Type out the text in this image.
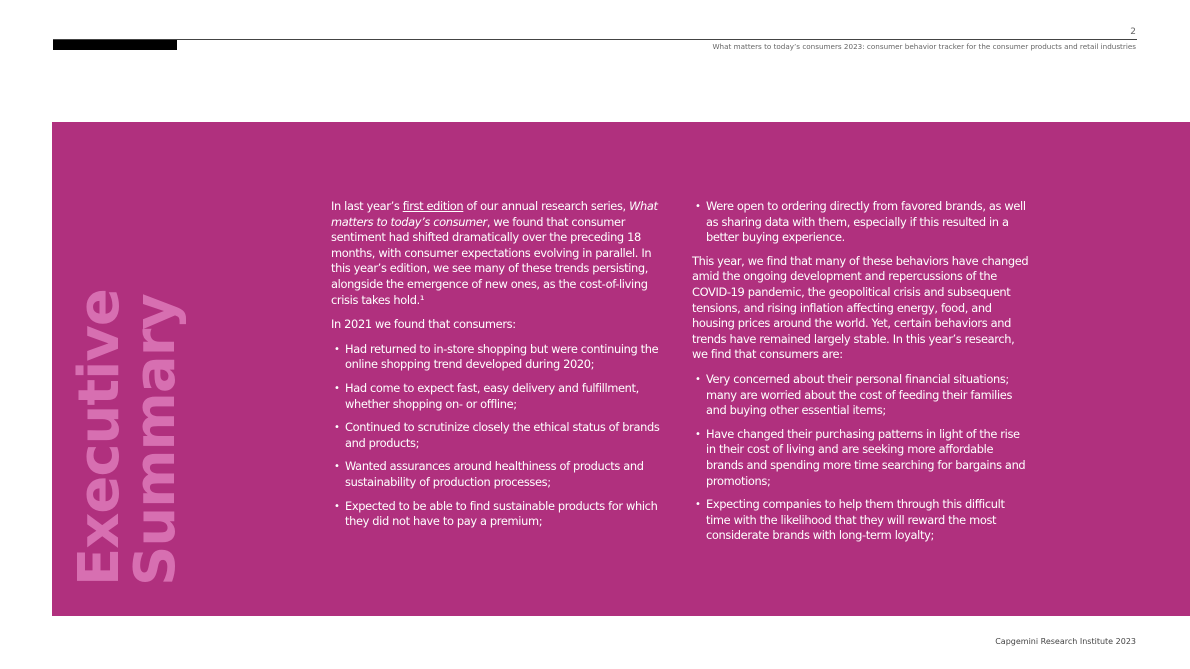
2
What matters to today’s consumers 2023: consumer behavior tracker for the consumer products and retail industries
Executive
Summary

In last year’s first edition of our annual research series, What matters to today’s consumer, we found that consumer sentiment had shifted dramatically over the preceding 18 months, with consumer expectations evolving in parallel. In this year’s edition, we see many of these trends persisting, alongside the emergence of new ones, as the cost-of-living crisis takes hold.¹

In 2021 we found that consumers:

• Had returned to in-store shopping but were continuing the online shopping trend developed during 2020;
• Had come to expect fast, easy delivery and fulfillment, whether shopping on- or offline;
• Continued to scrutinize closely the ethical status of brands and products;
• Wanted assurances around healthiness of products and sustainability of production processes;
• Expected to be able to find sustainable products for which they did not have to pay a premium;
• Were open to ordering directly from favored brands, as well as sharing data with them, especially if this resulted in a better buying experience.

This year, we find that many of these behaviors have changed amid the ongoing development and repercussions of the COVID-19 pandemic, the geopolitical crisis and subsequent tensions, and rising inflation affecting energy, food, and housing prices around the world. Yet, certain behaviors and trends have remained largely stable. In this year’s research, we find that consumers are:

• Very concerned about their personal financial situations; many are worried about the cost of feeding their families and buying other essential items;
• Have changed their purchasing patterns in light of the rise in their cost of living and are seeking more affordable brands and spending more time searching for bargains and promotions;
• Expecting companies to help them through this difficult time with the likelihood that they will reward the most considerate brands with long-term loyalty;
Capgemini Research Institute 2023
